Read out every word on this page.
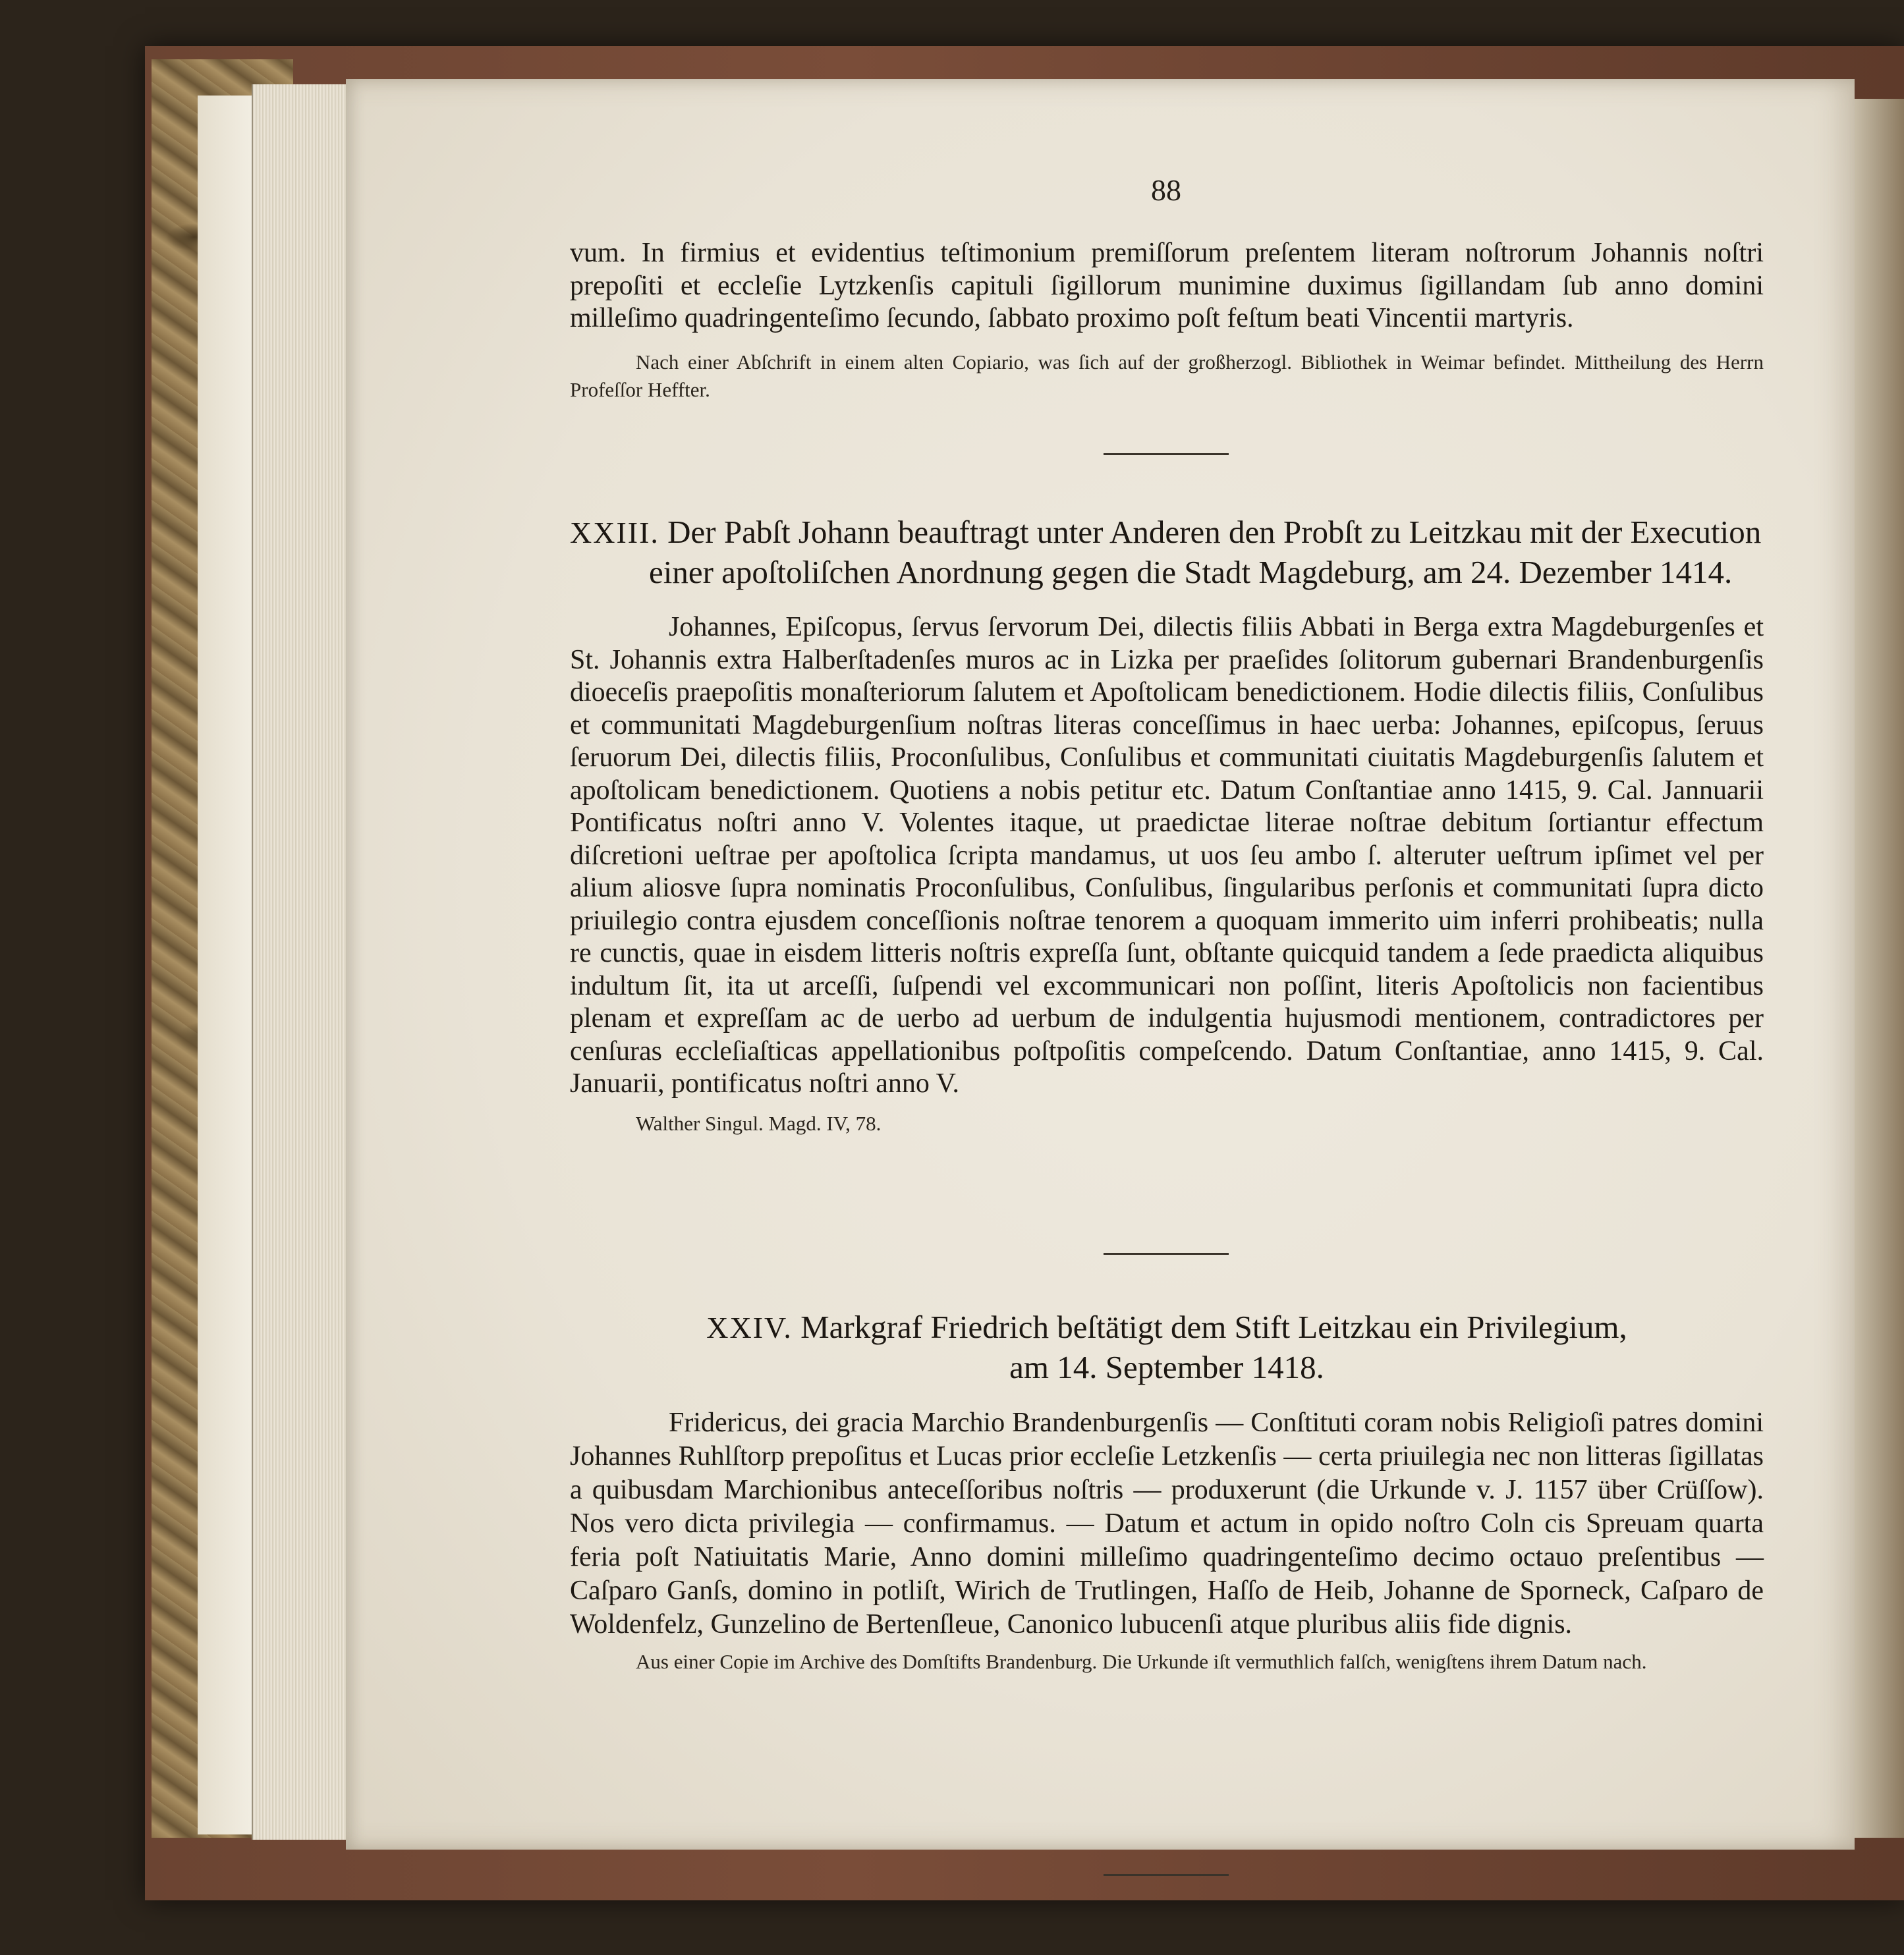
88
vum. In firmius et evidentius teſtimonium premiſſorum preſentem literam noſtrorum Johannis noſtri prepoſiti et eccleſie Lytzkenſis capituli ſigillorum munimine duximus ſigillandam ſub anno domini milleſimo quadringenteſimo ſecundo, ſabbato proximo poſt feſtum beati Vincentii martyris.
Nach einer Abſchrift in einem alten Copiario, was ſich auf der großherzogl. Bibliothek in Weimar befindet. Mittheilung des Herrn Profeſſor Heffter.
XXIII. Der Pabſt Johann beauftragt unter Anderen den Probſt zu Leitzkau mit der Execution
einer apoſtoliſchen Anordnung gegen die Stadt Magdeburg, am 24. Dezember 1414.
Johannes, Epiſcopus, ſervus ſervorum Dei, dilectis filiis Abbati in Berga extra Magdeburgenſes et St. Johannis extra Halberſtadenſes muros ac in Lizka per praeſides ſolitorum gubernari Brandenburgenſis dioeceſis praepoſitis monaſteriorum ſalutem et Apoſtolicam benedictionem. Hodie dilectis filiis, Conſulibus et communitati Magdeburgenſium noſtras literas conceſſimus in haec uerba: Johannes, epiſcopus, ſeruus ſeruorum Dei, dilectis filiis, Proconſulibus, Conſulibus et communitati ciuitatis Magdeburgenſis ſalutem et apoſtolicam benedictionem. Quotiens a nobis petitur etc. Datum Conſtantiae anno 1415, 9. Cal. Jannuarii Pontificatus noſtri anno V. Volentes itaque, ut praedictae literae noſtrae debitum ſortiantur effectum diſcretioni ueſtrae per apoſtolica ſcripta mandamus, ut uos ſeu ambo ſ. alteruter ueſtrum ipſimet vel per alium aliosve ſupra nominatis Proconſulibus, Conſulibus, ſingularibus perſonis et communitati ſupra dicto priuilegio contra ejusdem conceſſionis noſtrae tenorem a quoquam immerito uim inferri prohibeatis; nulla re cunctis, quae in eisdem litteris noſtris expreſſa ſunt, obſtante quicquid tandem a ſede praedicta aliquibus indultum ſit, ita ut arceſſi, ſuſpendi vel excommunicari non poſſint, literis Apoſtolicis non facientibus plenam et expreſſam ac de uerbo ad uerbum de indulgentia hujusmodi mentionem, contradictores per cenſuras eccleſiaſticas appellationibus poſtpoſitis compeſcendo. Datum Conſtantiae, anno 1415, 9. Cal. Januarii, pontificatus noſtri anno V.
Walther Singul. Magd. IV, 78.
XXIV. Markgraf Friedrich beſtätigt dem Stift Leitzkau ein Privilegium,
am 14. September 1418.
Fridericus, dei gracia Marchio Brandenburgenſis — Conſtituti coram nobis Religioſi patres domini Johannes Ruhlſtorp prepoſitus et Lucas prior eccleſie Letzkenſis — certa priuilegia nec non litteras ſigillatas a quibusdam Marchionibus anteceſſoribus noſtris — produxerunt (die Urkunde v. J. 1157 über Crüſſow). Nos vero dicta privilegia — confirmamus. — Datum et actum in opido noſtro Coln cis Spreuam quarta feria poſt Natiuitatis Marie, Anno domini milleſimo quadringenteſimo decimo octauo preſentibus — Caſparo Ganſs, domino in potliſt, Wirich de Trutlingen, Haſſo de Heib, Johanne de Sporneck, Caſparo de Woldenfelz, Gunzelino de Bertenſleue, Canonico lubucenſi atque pluribus aliis fide dignis.
Aus einer Copie im Archive des Domſtifts Brandenburg. Die Urkunde iſt vermuthlich falſch, wenigſtens ihrem Datum nach.
